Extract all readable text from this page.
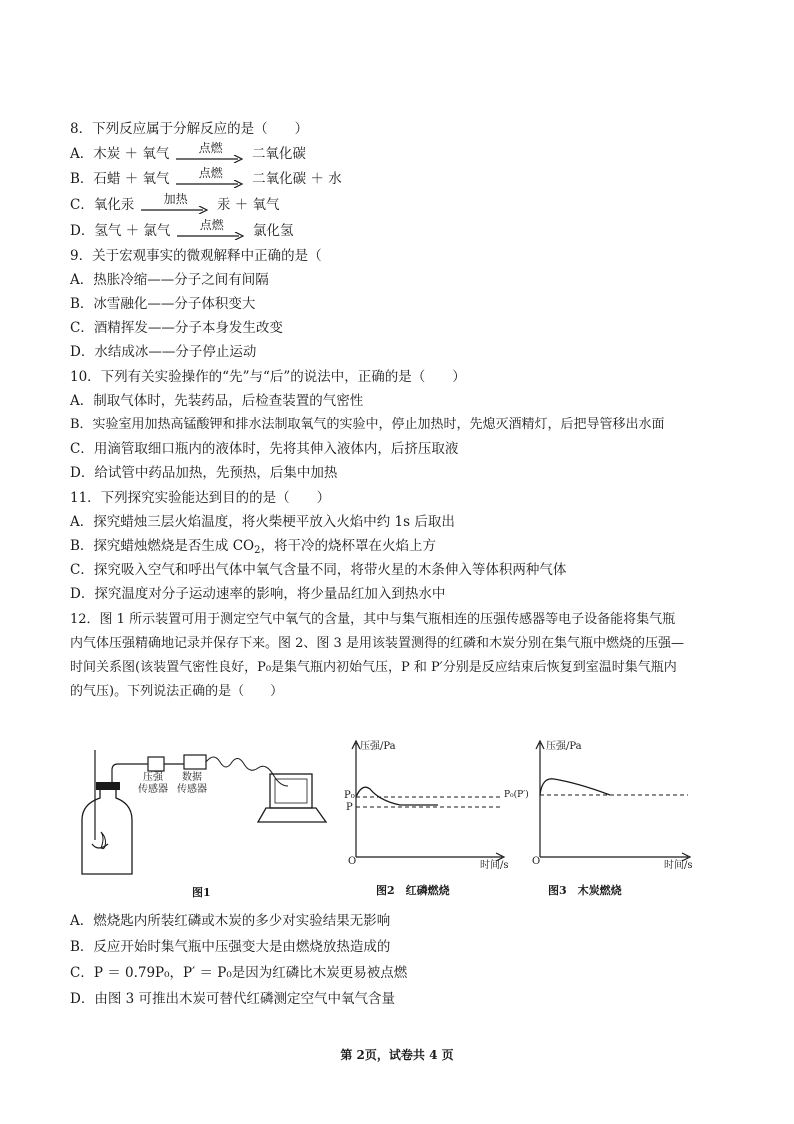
8．下列反应属于分解反应的是（　　）
A．木炭 ＋ 氧气	点燃	二氧化碳
B．石蜡 ＋ 氧气	点燃	二氧化碳 ＋ 水
C．氧化汞	加热	汞 ＋ 氧气
D．氢气 ＋ 氯气	点燃	氯化氢
9．关于宏观事实的微观解释中正确的是（
A．热胀冷缩——分子之间有间隔
B．冰雪融化——分子体积变大
C．酒精挥发——分子本身发生改变
D．水结成冰——分子停止运动
10．下列有关实验操作的“先”与“后”的说法中，正确的是（　　）
A．制取气体时，先装药品，后检查装置的气密性
B．实验室用加热高锰酸钾和排水法制取氧气的实验中，停止加热时，先熄灭酒精灯，后把导管移出水面
C．用滴管取细口瓶内的液体时，先将其伸入液体内，后挤压取液
D．给试管中药品加热，先预热，后集中加热
11．下列探究实验能达到目的的是（　　）
A．探究蜡烛三层火焰温度，将火柴梗平放入火焰中约 1s 后取出
B．探究蜡烛燃烧是否生成 $CO_2$，将干冷的烧杯罩在火焰上方
C．探究吸入空气和呼出气体中氧气含量不同，将带火星的木条伸入等体积两种气体
D．探究温度对分子运动速率的影响，将少量品红加入到热水中
12．图 1 所示装置可用于测定空气中氧气的含量，其中与集气瓶相连的压强传感器等电子设备能将集气瓶
内气体压强精确地记录并保存下来。图 2、图 3 是用该装置测得的红磷和木炭分别在集气瓶中燃烧的压强—
时间关系图(该装置气密性良好，P₀是集气瓶内初始气压，P 和 P′分别是反应结束后恢复到室温时集气瓶内
的气压)。下列说法正确的是（　　）
压强
传感器
数据
传感器
图1
压强/Pa
P₀
P
O	时间/s
图2　红磷燃烧
压强/Pa
P₀(P′)
O	时间/s
图3　木炭燃烧
A．燃烧匙内所装红磷或木炭的多少对实验结果无影响
B．反应开始时集气瓶中压强变大是由燃烧放热造成的
C．P ＝ 0.79P₀，P′ ＝ P₀是因为红磷比木炭更易被点燃
D．由图 3 可推出木炭可替代红磷测定空气中氧气含量
第 2页，试卷共 4 页
